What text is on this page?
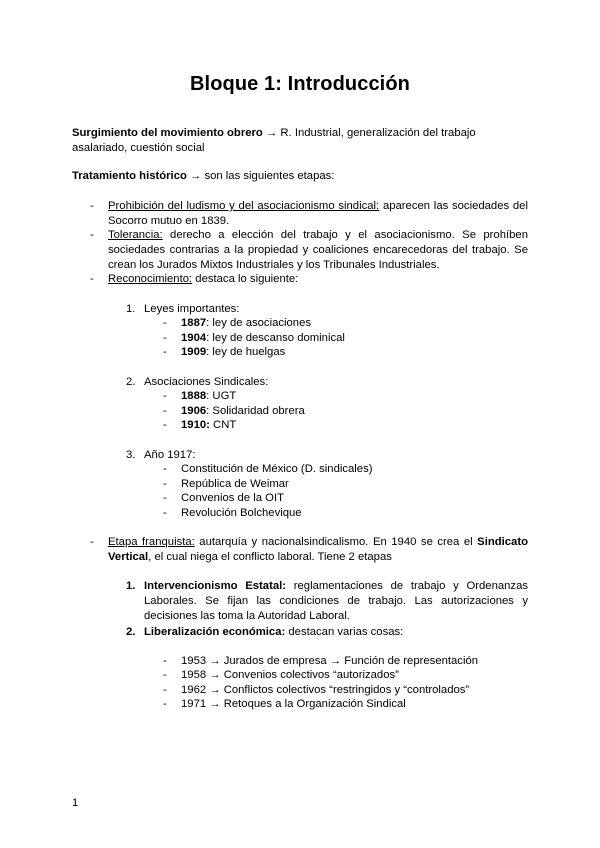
Bloque 1: Introducción
Surgimiento del movimiento obrero → R. Industrial, generalización del trabajo asalariado, cuestión social
Tratamiento histórico → son las siguientes etapas:
- Prohibición del ludismo y del asociacionismo sindical: aparecen las sociedades del Socorro mutuo en 1839.
- Tolerancia: derecho a elección del trabajo y el asociacionismo. Se prohíben sociedades contrarias a la propiedad y coaliciones encarecedoras del trabajo. Se crean los Jurados Mixtos Industriales y los Tribunales Industriales.
- Reconocimiento: destaca lo siguiente:
1. Leyes importantes:
- 1887: ley de asociaciones
- 1904: ley de descanso dominical
- 1909: ley de huelgas
2. Asociaciones Sindicales:
- 1888: UGT
- 1906: Solidaridad obrera
- 1910: CNT
3. Año 1917:
- Constitución de México (D. sindicales)
- República de Weimar
- Convenios de la OIT
- Revolución Bolchevique
- Etapa franquista: autarquía y nacionalsindicalismo. En 1940 se crea el Sindicato Vertical, el cual niega el conflicto laboral. Tiene 2 etapas
1. Intervencionismo Estatal: reglamentaciones de trabajo y Ordenanzas Laborales. Se fijan las condiciones de trabajo. Las autorizaciones y decisiones las toma la Autoridad Laboral.
2. Liberalización económica: destacan varias cosas:
- 1953 → Jurados de empresa → Función de representación
- 1958 → Convenios colectivos “autorizados”
- 1962 → Conflictos colectivos “restringidos y “controlados”
- 1971 → Retoques a la Organización Sindical
1
